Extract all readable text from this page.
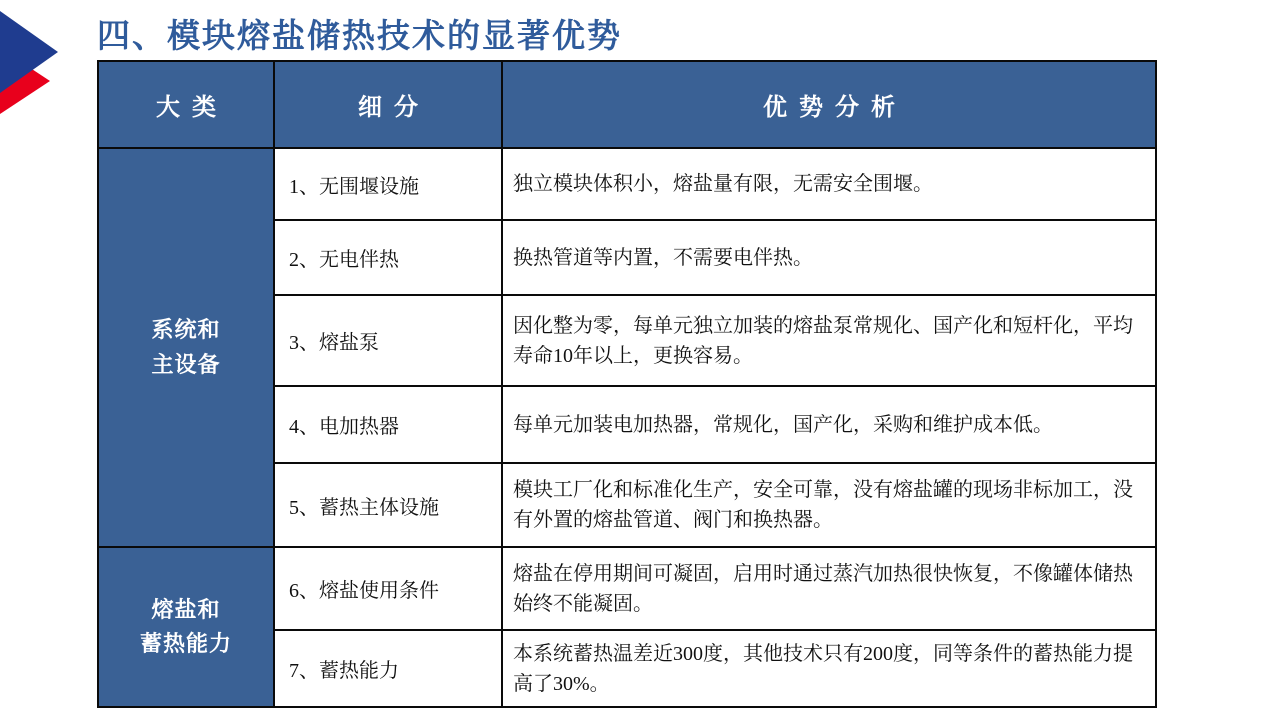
四、模块熔盐储热技术的显著优势
大类	细分	优势分析
系统和
主设备	1、无围堰设施	独立模块体积小，熔盐量有限，无需安全围堰。
	2、无电伴热	换热管道等内置，不需要电伴热。
	3、熔盐泵	因化整为零，每单元独立加装的熔盐泵常规化、国产化和短杆化，平均寿命10年以上，更换容易。
	4、电加热器	每单元加装电加热器，常规化，国产化，采购和维护成本低。
	5、蓄热主体设施	模块工厂化和标准化生产，安全可靠，没有熔盐罐的现场非标加工，没有外置的熔盐管道、阀门和换热器。
熔盐和
蓄热能力	6、熔盐使用条件	熔盐在停用期间可凝固，启用时通过蒸汽加热很快恢复，不像罐体储热始终不能凝固。
	7、蓄热能力	本系统蓄热温差近300度，其他技术只有200度，同等条件的蓄热能力提高了30%。
